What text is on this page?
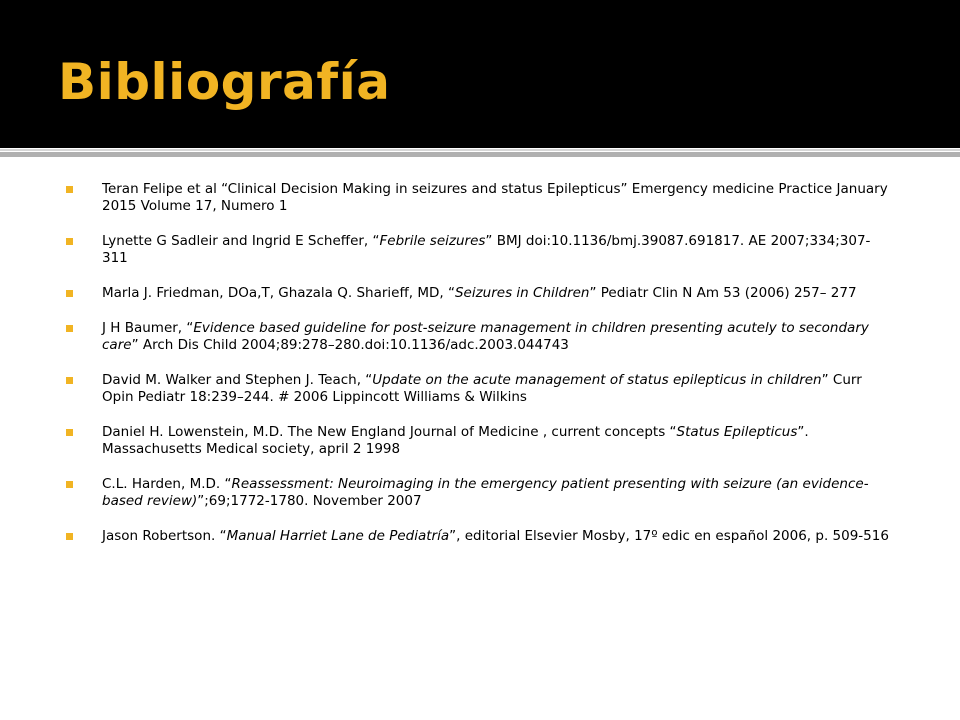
Bibliografía
Teran Felipe et al “Clinical Decision Making in seizures and status Epilepticus” Emergency medicine Practice January 2015 Volume 17, Numero 1
Lynette G Sadleir and Ingrid E Scheffer, “Febrile seizures” BMJ doi:10.1136/bmj.39087.691817. AE 2007;334;307-311
Marla J. Friedman, DOa,T, Ghazala Q. Sharieff, MD, “Seizures in Children” Pediatr Clin N Am 53 (2006) 257– 277
J H Baumer, “Evidence based guideline for post-seizure management in children presenting acutely to secondary care” Arch Dis Child 2004;89:278–280.doi:10.1136/adc.2003.044743
David M. Walker and Stephen J. Teach, “Update on the acute management of status epilepticus in children” Curr Opin Pediatr 18:239–244. # 2006 Lippincott Williams & Wilkins
Daniel H. Lowenstein, M.D. The New England Journal of Medicine , current concepts “Status Epilepticus”. Massachusetts Medical society, april 2 1998
C.L. Harden, M.D. “Reassessment: Neuroimaging in the emergency patient presenting with seizure (an evidence-based review)”;69;1772-1780. November 2007
Jason Robertson. “Manual Harriet Lane de Pediatría”, editorial Elsevier Mosby, 17º edic en español 2006, p. 509-516
